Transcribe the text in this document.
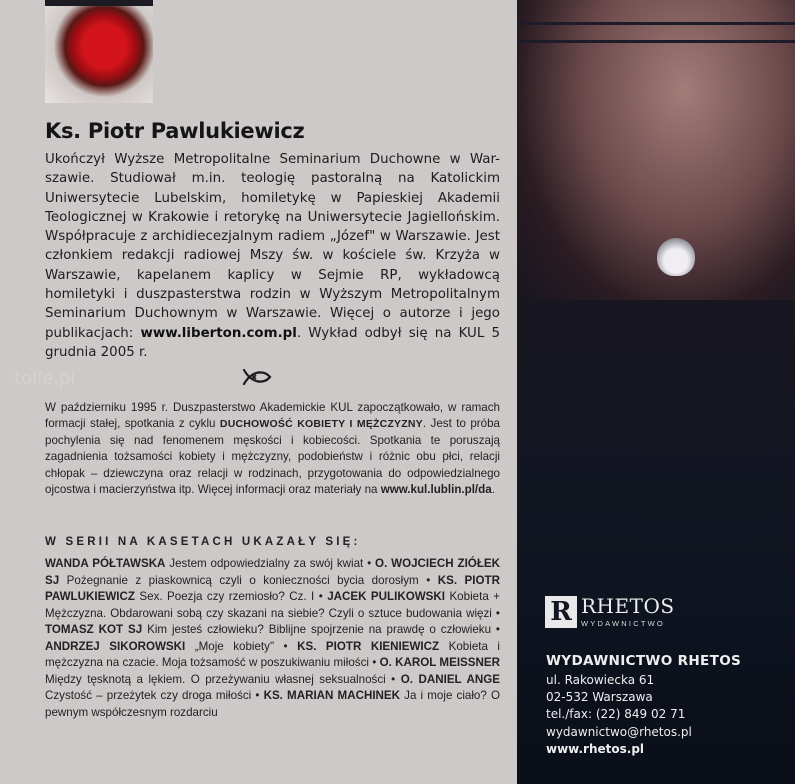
Ks. Piotr Pawlukiewicz
Ukończył Wyższe Metropolitalne Seminarium Duchowne w War- szawie. Studiował m.in. teologię pastoralną na Katolickim Uniwersytecie Lubelskim, homiletykę w Papieskiej Akademii Teologicznej w Krakowie i retorykę na Uniwersytecie Jagiellońskim. Współpracuje z archidiecezjalnym radiem „Józef" w Warszawie. Jest członkiem redakcji radiowej Mszy św. w kościele św. Krzyża w Warszawie, kapelanem kaplicy w Sejmie RP, wykładowcą homiletyki i duszpasterstwa rodzin w Wyższym Metropolitalnym Seminarium Duchownym w Warszawie. Więcej o autorze i jego publikacjach: www.liberton.com.pl. Wykład odbył się na KUL 5 grudnia 2005 r.
tolle.pl
W październiku 1995 r. Duszpasterstwo Akademickie KUL zapoczątkowało, w ramach formacji stałej, spotkania z cyklu DUCHOWOŚĆ KOBIETY I MĘŻCZYZNY. Jest to próba pochylenia się nad fenomenem męskości i kobiecości. Spotkania te poruszają zagadnienia tożsamości kobiety i mężczyzny, podobieństw i różnic obu płci, relacji chłopak – dziewczyna oraz relacji w rodzinach, przygotowania do odpowiedzialnego ojcostwa i macierzyństwa itp. Więcej informacji oraz materiały na www.kul.lublin.pl/da.
W SERII NA KASETACH UKAZAŁY SIĘ:
WANDA PÓŁTAWSKA Jestem odpowiedzialny za swój kwiat • O. WOJCIECH ZIÓŁEK SJ Pożegnanie z piaskownicą czyli o konieczności bycia dorosłym • KS. PIOTR PAWLUKIEWICZ Sex. Poezja czy rzemiosło? Cz. I • JACEK PULIKOWSKI Kobieta + Mężczyzna. Obdarowani sobą czy skazani na siebie? Czyli o sztuce budowania więzi • TOMASZ KOT SJ Kim jesteś człowieku? Biblijne spojrzenie na prawdę o człowieku • ANDRZEJ SIKOROWSKI „Moje kobiety" • KS. PIOTR KIENIEWICZ Kobieta i mężczyzna na czacie. Moja tożsamość w poszukiwaniu miłości • O. KAROL MEISSNER Między tęsknotą a lękiem. O przeżywaniu własnej seksualności • O. DANIEL ANGE Czystość – przeżytek czy droga miłości • KS. MARIAN MACHINEK Ja i moje ciało? O pewnym współczesnym rozdarciu
R RHETOS
WYDAWNICTWO
WYDAWNICTWO RHETOS
ul. Rakowiecka 61
02-532 Warszawa
tel./fax: (22) 849 02 71
wydawnictwo@rhetos.pl
www.rhetos.pl
